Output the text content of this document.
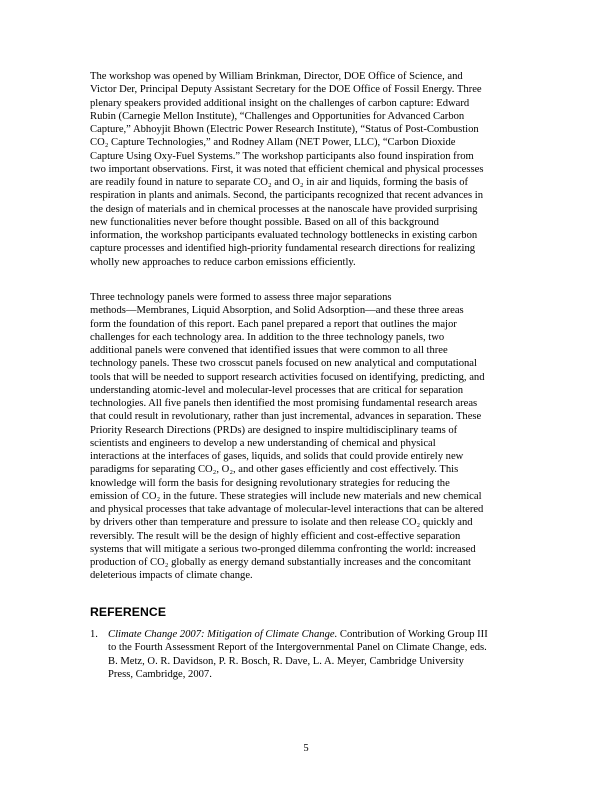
The workshop was opened by William Brinkman, Director, DOE Office of Science, and
Victor Der, Principal Deputy Assistant Secretary for the DOE Office of Fossil Energy. Three
plenary speakers provided additional insight on the challenges of carbon capture: Edward
Rubin (Carnegie Mellon Institute), “Challenges and Opportunities for Advanced Carbon
Capture,” Abhoyjit Bhown (Electric Power Research Institute), “Status of Post-Combustion
CO₂ Capture Technologies,” and Rodney Allam (NET Power, LLC), “Carbon Dioxide
Capture Using Oxy-Fuel Systems.” The workshop participants also found inspiration from
two important observations. First, it was noted that efficient chemical and physical processes
are readily found in nature to separate CO₂ and O₂ in air and liquids, forming the basis of
respiration in plants and animals. Second, the participants recognized that recent advances in
the design of materials and in chemical processes at the nanoscale have provided surprising
new functionalities never before thought possible. Based on all of this background
information, the workshop participants evaluated technology bottlenecks in existing carbon
capture processes and identified high-priority fundamental research directions for realizing
wholly new approaches to reduce carbon emissions efficiently.

Three technology panels were formed to assess three major separations
methods—Membranes, Liquid Absorption, and Solid Adsorption—and these three areas
form the foundation of this report. Each panel prepared a report that outlines the major
challenges for each technology area. In addition to the three technology panels, two
additional panels were convened that identified issues that were common to all three
technology panels. These two crosscut panels focused on new analytical and computational
tools that will be needed to support research activities focused on identifying, predicting, and
understanding atomic-level and molecular-level processes that are critical for separation
technologies. All five panels then identified the most promising fundamental research areas
that could result in revolutionary, rather than just incremental, advances in separation. These
Priority Research Directions (PRDs) are designed to inspire multidisciplinary teams of
scientists and engineers to develop a new understanding of chemical and physical
interactions at the interfaces of gases, liquids, and solids that could provide entirely new
paradigms for separating CO₂, O₂, and other gases efficiently and cost effectively. This
knowledge will form the basis for designing revolutionary strategies for reducing the
emission of CO₂ in the future. These strategies will include new materials and new chemical
and physical processes that take advantage of molecular-level interactions that can be altered
by drivers other than temperature and pressure to isolate and then release CO₂ quickly and
reversibly. The result will be the design of highly efficient and cost-effective separation
systems that will mitigate a serious two-pronged dilemma confronting the world: increased
production of CO₂ globally as energy demand substantially increases and the concomitant
deleterious impacts of climate change.

REFERENCE
1. Climate Change 2007: Mitigation of Climate Change. Contribution of Working Group III
to the Fourth Assessment Report of the Intergovernmental Panel on Climate Change, eds.
B. Metz, O. R. Davidson, P. R. Bosch, R. Dave, L. A. Meyer, Cambridge University
Press, Cambridge, 2007.
5
